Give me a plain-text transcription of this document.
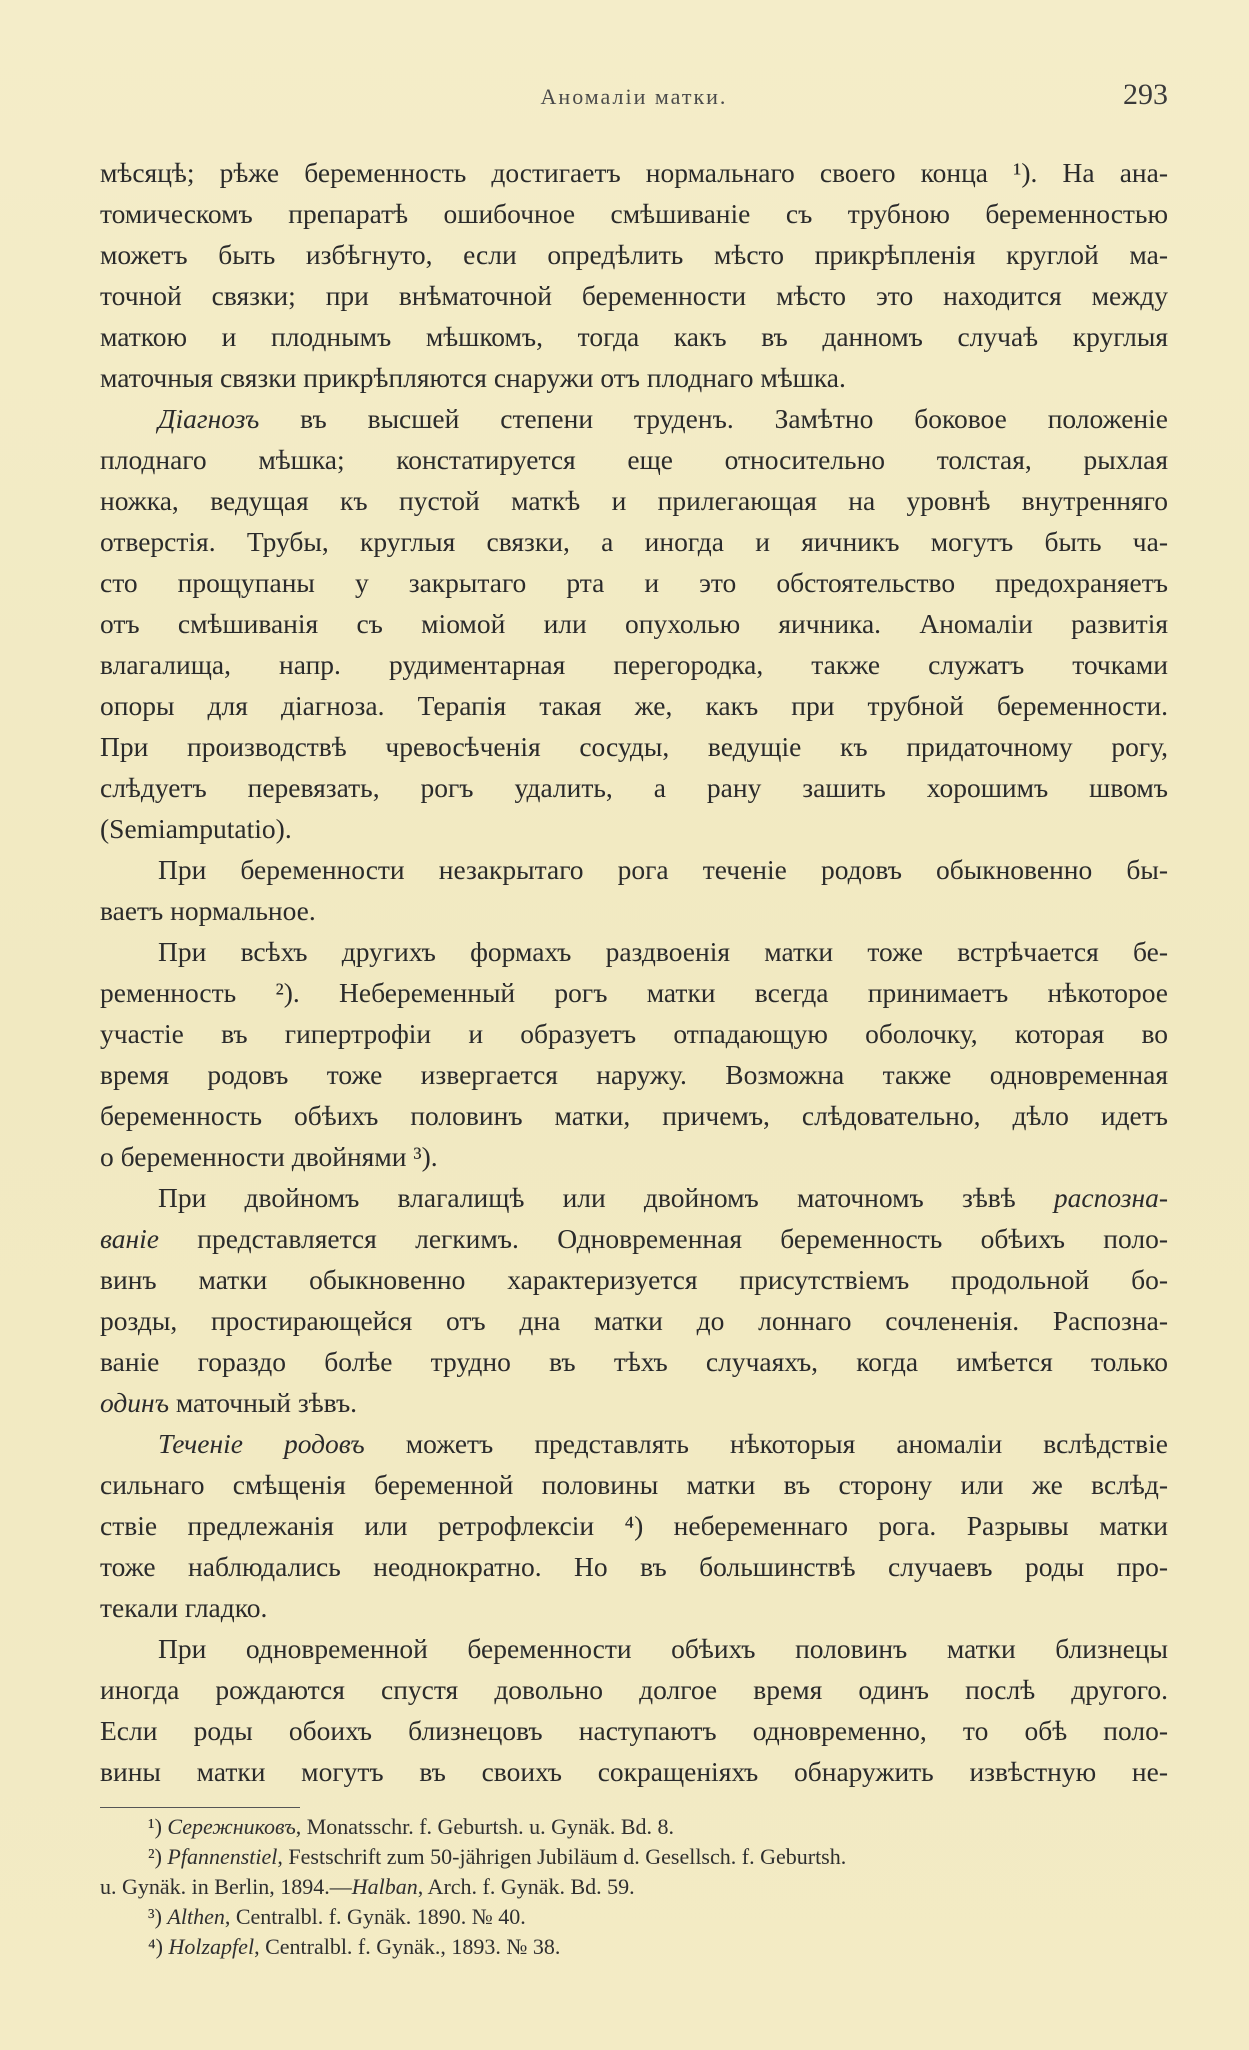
Аномаліи матки.	293
мѣсяцѣ; рѣже беременность достигаетъ нормальнаго своего конца ¹). На ана-
томическомъ препаратѣ ошибочное смѣшиваніе съ трубною беременностью
можетъ быть избѣгнуто, если опредѣлить мѣсто прикрѣпленія круглой ма-
точной связки; при внѣматочной беременности мѣсто это находится между
маткою и плоднымъ мѣшкомъ, тогда какъ въ данномъ случаѣ круглыя
маточныя связки прикрѣпляются снаружи отъ плоднаго мѣшка.
Діагнозъ въ высшей степени труденъ. Замѣтно боковое положеніе
плоднаго мѣшка; констатируется еще относительно толстая, рыхлая
ножка, ведущая къ пустой маткѣ и прилегающая на уровнѣ внутренняго
отверстія. Трубы, круглыя связки, а иногда и яичникъ могутъ быть ча-
сто прощупаны у закрытаго рта и это обстоятельство предохраняетъ
отъ смѣшиванія съ міомой или опухолью яичника. Аномаліи развитія
влагалища, напр. рудиментарная перегородка, также служатъ точками
опоры для діагноза. Терапія такая же, какъ при трубной беременности.
При производствѣ чревосѣченія сосуды, ведущіе къ придаточному рогу,
слѣдуетъ перевязать, рогъ удалить, а рану зашить хорошимъ швомъ
(Semiamputatio).
При беременности незакрытаго рога теченіе родовъ обыкновенно бы-
ваетъ нормальное.
При всѣхъ другихъ формахъ раздвоенія матки тоже встрѣчается бе-
ременность ²). Небеременный рогъ матки всегда принимаетъ нѣкоторое
участіе въ гипертрофіи и образуетъ отпадающую оболочку, которая во
время родовъ тоже извергается наружу. Возможна также одновременная
беременность обѣихъ половинъ матки, причемъ, слѣдовательно, дѣло идетъ
о беременности двойнями ³).
При двойномъ влагалищѣ или двойномъ маточномъ зѣвѣ распозна-
ваніе представляется легкимъ. Одновременная беременность обѣихъ поло-
винъ матки обыкновенно характеризуется присутствіемъ продольной бо-
розды, простирающейся отъ дна матки до лоннаго сочлененія. Распозна-
ваніе гораздо болѣе трудно въ тѣхъ случаяхъ, когда имѣется только
одинъ маточный зѣвъ.
Теченіе родовъ можетъ представлять нѣкоторыя аномаліи вслѣдствіе
сильнаго смѣщенія беременной половины матки въ сторону или же вслѣд-
ствіе предлежанія или ретрофлексіи ⁴) небеременнаго рога. Разрывы матки
тоже наблюдались неоднократно. Но въ большинствѣ случаевъ роды про-
текали гладко.
При одновременной беременности обѣихъ половинъ матки близнецы
иногда рождаются спустя довольно долгое время одинъ послѣ другого.
Если роды обоихъ близнецовъ наступаютъ одновременно, то обѣ поло-
вины матки могутъ въ своихъ сокращеніяхъ обнаружить извѣстную не-
¹) Сережниковъ, Monatsschr. f. Geburtsh. u. Gynäk. Bd. 8.
²) Pfannenstiel, Festschrift zum 50-jährigen Jubiläum d. Gesellsch. f. Geburtsh.
u. Gynäk. in Berlin, 1894.—Halban, Arch. f. Gynäk. Bd. 59.
³) Althen, Centralbl. f. Gynäk. 1890. № 40.
⁴) Holzapfel, Centralbl. f. Gynäk., 1893. № 38.
